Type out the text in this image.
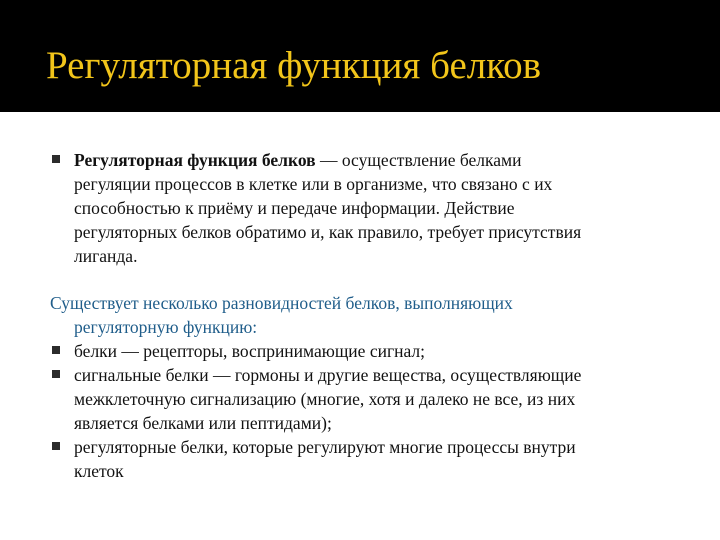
Регуляторная функция белков
Регуляторная функция белков — осуществление белками
регуляции процессов в клетке или в организме, что связано с их
способностью к приёму и передаче информации. Действие
регуляторных белков обратимо и, как правило, требует присутствия
лиганда.
Существует несколько разновидностей белков, выполняющих
регуляторную функцию:
белки — рецепторы, воспринимающие сигнал;
сигнальные белки — гормоны и другие вещества, осуществляющие
межклеточную сигнализацию (многие, хотя и далеко не все, из них
является белками или пептидами);
регуляторные белки, которые регулируют многие процессы внутри
клеток
